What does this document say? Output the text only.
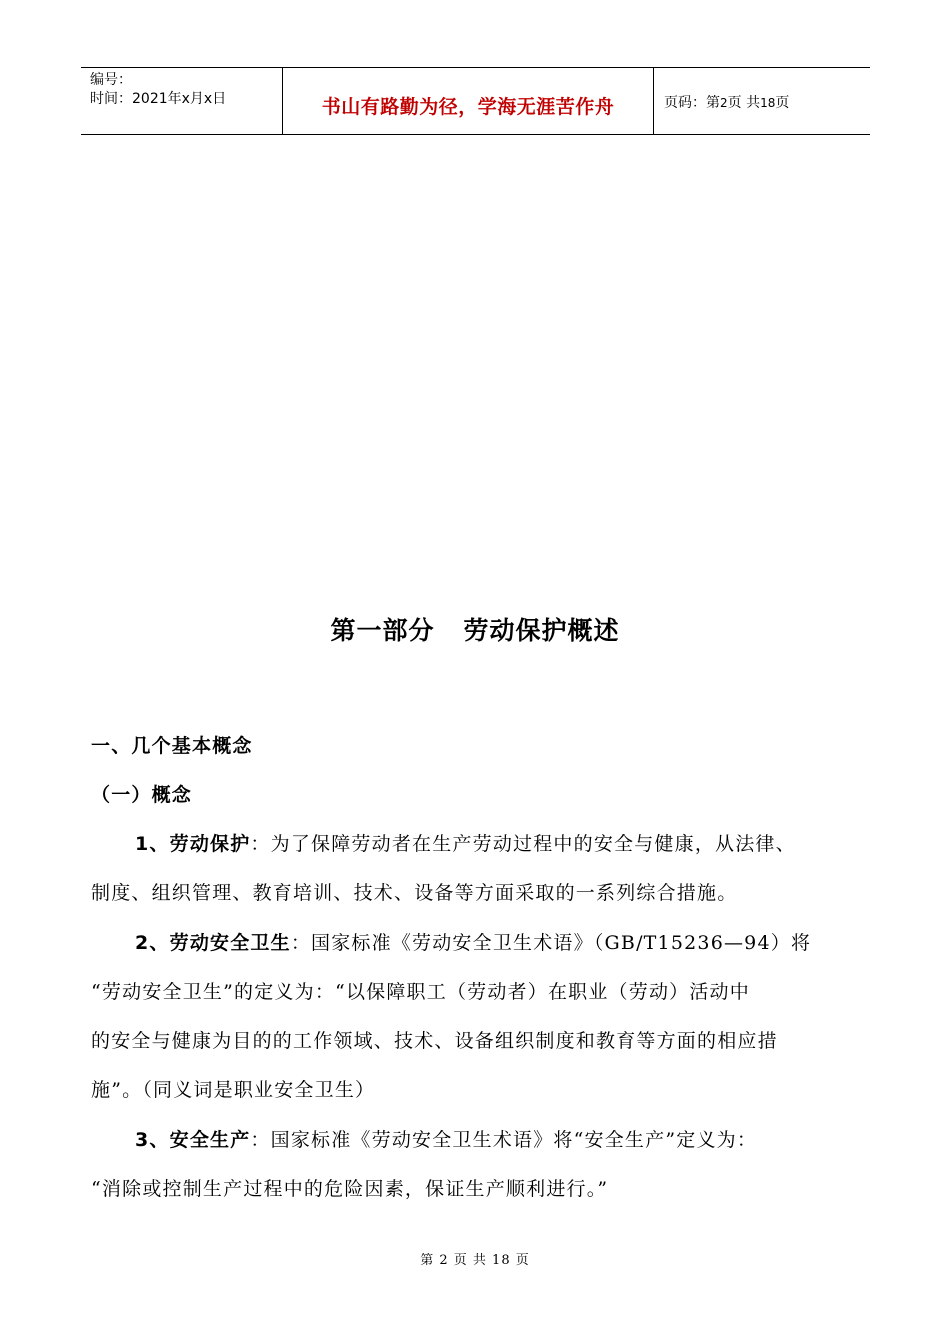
编号：
时间：2021年x月x日	书山有路勤为径，学海无涯苦作舟	页码：第2页 共18页
第一部分   劳动保护概述
一、几个基本概念
（一）概念
1、劳动保护：为了保障劳动者在生产劳动过程中的安全与健康，从法律、
制度、组织管理、教育培训、技术、设备等方面采取的一系列综合措施。
2、劳动安全卫生：国家标准《劳动安全卫生术语》（GB/T15236—94）将
“劳动安全卫生”的定义为：“以保障职工（劳动者）在职业（劳动）活动中
的安全与健康为目的的工作领域、技术、设备组织制度和教育等方面的相应措
施”。（同义词是职业安全卫生）
3、安全生产：国家标准《劳动安全卫生术语》将“安全生产”定义为：
“消除或控制生产过程中的危险因素，保证生产顺利进行。”
第 2 页 共 18 页
